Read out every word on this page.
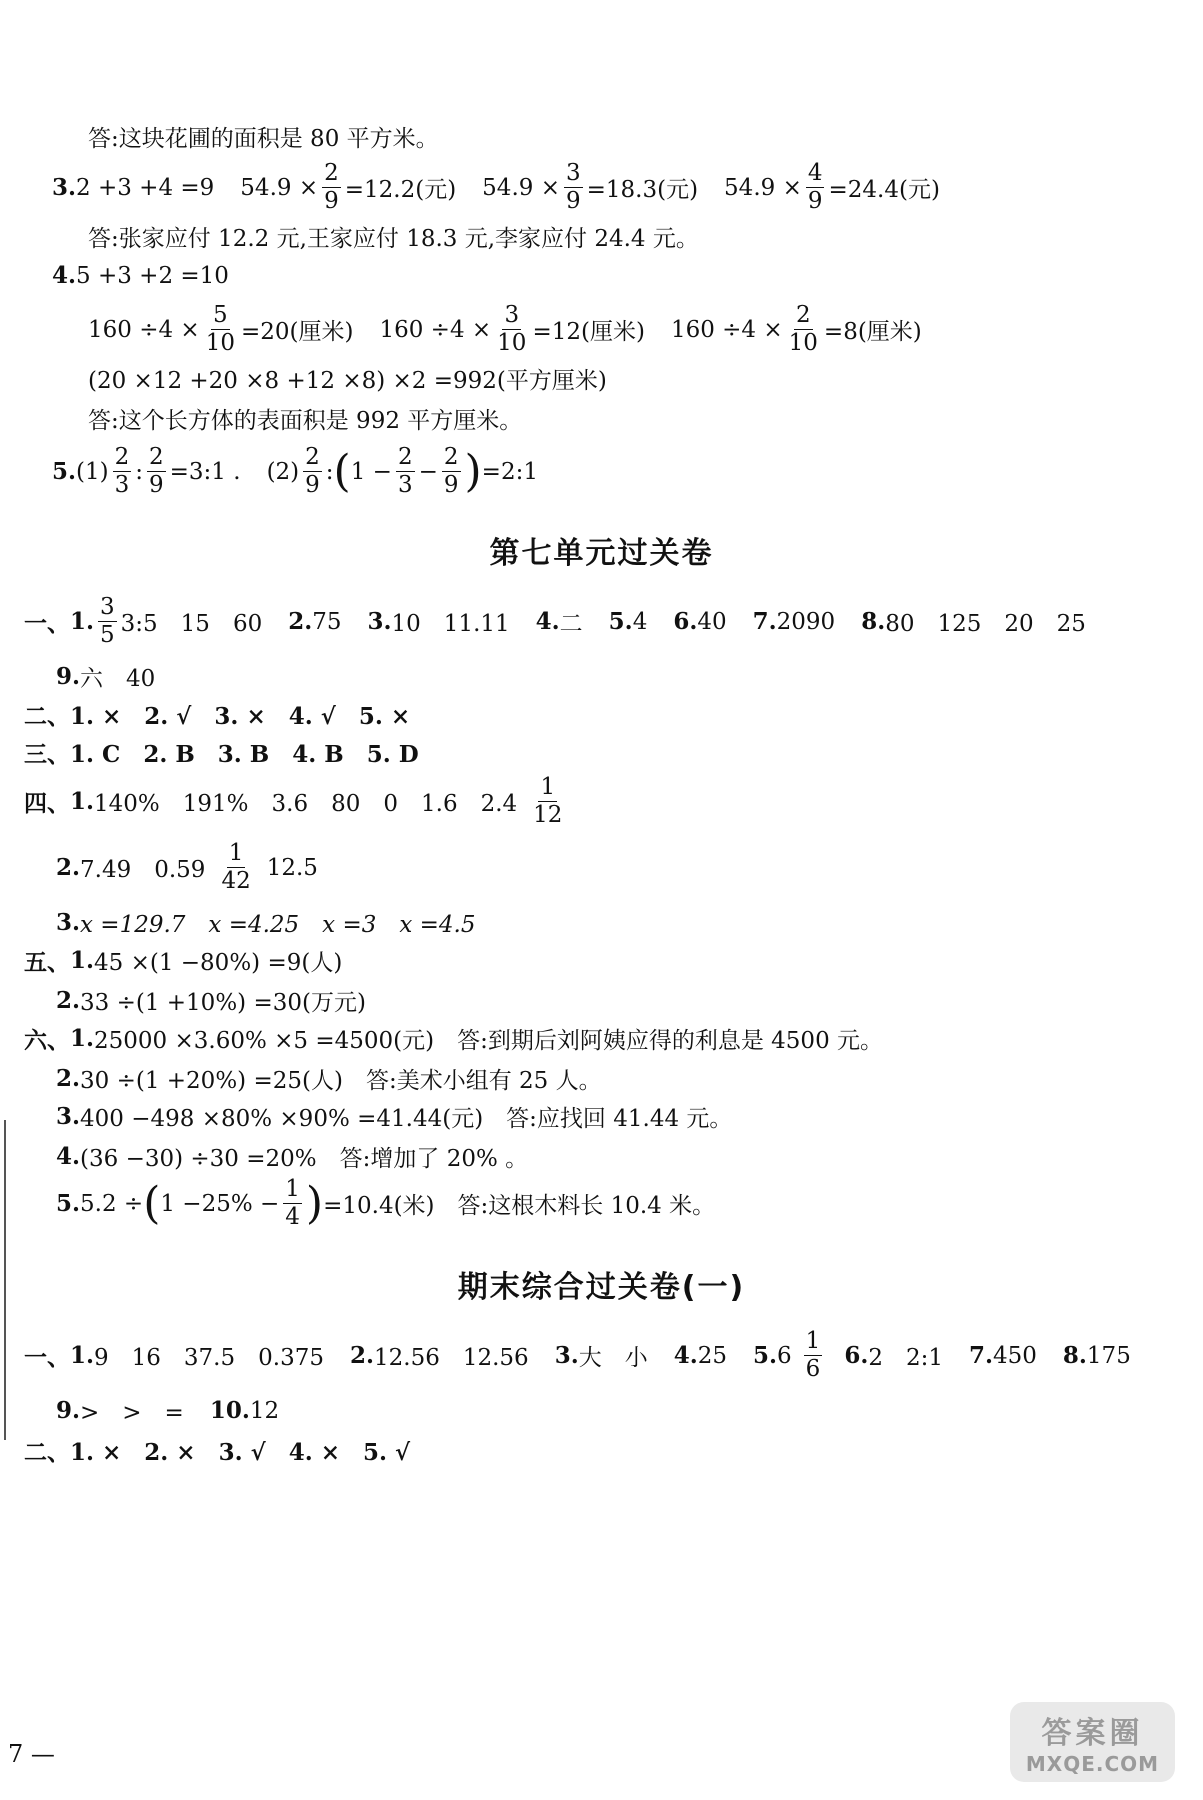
答:这块花圃的面积是 80 平方米。
3. 2 +3 +4 =9 $54.9 \times \frac{2}{9} =12.2$(元) $54.9 \times \frac{3}{9} =18.3$(元) $54.9 \times \frac{4}{9} =24.4$(元)
答:张家应付 12.2 元,王家应付 18.3 元,李家应付 24.4 元。
4. 5 +3 +2 =10
$160 \div 4 \times \frac{5}{10} =20$(厘米) $160 \div 4 \times \frac{3}{10} =12$(厘米) $160 \div 4 \times \frac{2}{10} =8$(厘米)
(20 ×12 +20 ×8 +12 ×8) ×2 =992(平方厘米)
答:这个长方体的表面积是 992 平方厘米。
5. $(1) \frac{2}{3}$ : $\frac{2}{9}$ =3:1 . $(2) \frac{2}{9}$ : ( $1 - \frac{2}{3} - \frac{2}{9}$ ) =2:1
第七单元过关卷
一、 1. $\frac{3}{5}$ 3:5　15　60 2. 75 3. 10　11.11 4. 二 5. 4 6. 40 7. 2090 8. 80　125　20　25
9. 六　40
二、 1. ×　2. √　3. ×　4. √　5. ×
三、 1. C　2. B　3. B　4. B　5. D
四、 1. 140%　191%　3.6　80　0　1.6　$2.4 \frac{1}{12}$
2. 7.49　$0.59 \frac{1}{42} 12.5$
3. x =129.7　x =4.25　x =3　x =4.5
五、 1. 45 ×(1 −80%) =9(人)
2. 33 ÷(1 +10%) =30(万元)
六、 1. 25000 ×3.60% ×5 =4500(元)　答:到期后刘阿姨应得的利息是 4500 元。
2. 30 ÷(1 +20%) =25(人)　答:美术小组有 25 人。
3. 400 −498 ×80% ×90% =41.44(元)　答:应找回 41.44 元。
4. (36 −30) ÷30 =20%　答:增加了 20% 。
5. 5.2 ÷ ( $1 -25\% - \frac{1}{4}$ ) =10.4(米)　答:这根木料长 10.4 米。
期末综合过关卷(一)
一、 1. 9　16　37.5　0.375 2. 12.56　12.56 3. 大　小 4. 25 5. $6 \frac{1}{6} 6$. 2　2:1 7. 450 8. 175
9. >　>　= 10. 12
二、 1. ×　2. ×　3. √　4. ×　5. √
7 —
答案圈
MXQE.COM
